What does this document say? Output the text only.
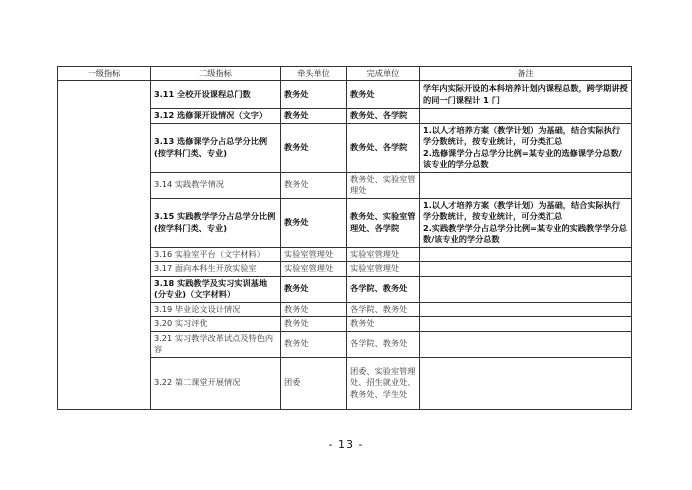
一级指标	二级指标	牵头单位	完成单位	备注
	3.11 全校开设课程总门数	教务处	教务处	学年内实际开设的本科培养计划内课程总数，跨学期讲授的同一门课程计 1 门
	3.12 选修课开设情况（文字）	教务处	教务处、各学院	
	3.13 选修课学分占总学分比例(按学科门类、专业)	教务处	教务处、各学院	1.以人才培养方案（教学计划）为基础，结合实际执行学分数统计，按专业统计，可分类汇总
2.选修课学分占总学分比例=某专业的选修课学分总数/该专业的学分总数
	3.14 实践教学情况	教务处	教务处、实验室管理处	
	3.15 实践教学学分占总学分比例(按学科门类、专业)	教务处	教务处、实验室管理处、各学院	1.以人才培养方案（教学计划）为基础，结合实际执行学分数统计，按专业统计，可分类汇总
2.实践教学学分占总学分比例=某专业的实践教学学分总数/该专业的学分总数
	3.16 实验室平台（文字材料）	实验室管理处	实验室管理处	
	3.17 面向本科生开放实验室	实验室管理处	实验室管理处	
	3.18 实践教学及实习实训基地(分专业)（文字材料）	教务处	各学院、教务处	
	3.19 毕业论文设计情况	教务处	各学院、教务处	
	3.20 实习评优	教务处	教务处	
	3.21 实习教学改革试点及特色内容	教务处	各学院、教务处	
	3.22 第二课堂开展情况	团委	团委、实验室管理处、招生就业处、教务处、学生处	
- 13 -
